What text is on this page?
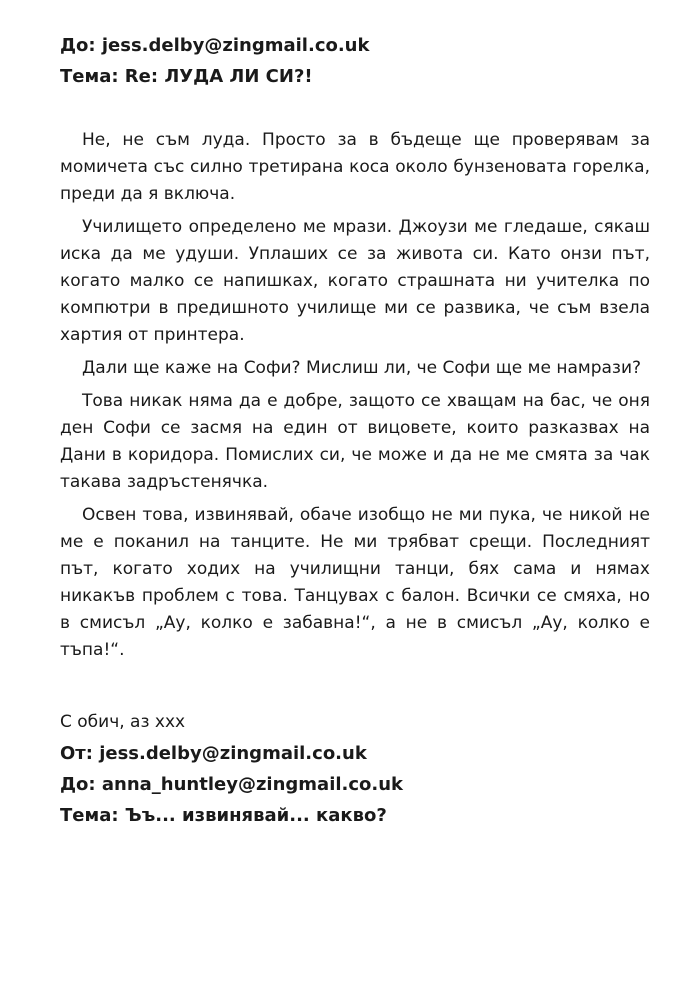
До: jess.delby@zingmail.co.uk
Тема: Re: ЛУДА ЛИ СИ?!

Не, не съм луда. Просто за в бъдеще ще проверявам за момичета със силно третирана коса около бунзеновата горелка, преди да я включа.

Училището определено ме мрази. Джоузи ме гледаше, сякаш иска да ме удуши. Уплаших се за живота си. Като онзи път, когато малко се напишках, когато страшната ни учителка по компютри в предишното училище ми се развика, че съм взела хартия от принтера.

Дали ще каже на Софи? Мислиш ли, че Софи ще ме намрази?

Това никак няма да е добре, защото се хващам на бас, че оня ден Софи се засмя на един от вицовете, които разказвах на Дани в коридора. Помислих си, че може и да не ме смята за чак такава задръстенячка.

Освен това, извинявай, обаче изобщо не ми пука, че никой не ме е поканил на танците. Не ми трябват срещи. Последният път, когато ходих на училищни танци, бях сама и нямах никакъв проблем с това. Танцувах с балон. Всички се смяха, но в смисъл „Ау, колко е забавна!“, а не в смисъл „Ау, колко е тъпа!“.

С обич, аз ххх

От: jess.delby@zingmail.co.uk
До: anna_huntley@zingmail.co.uk
Тема: Ъъ... извинявай... какво?
